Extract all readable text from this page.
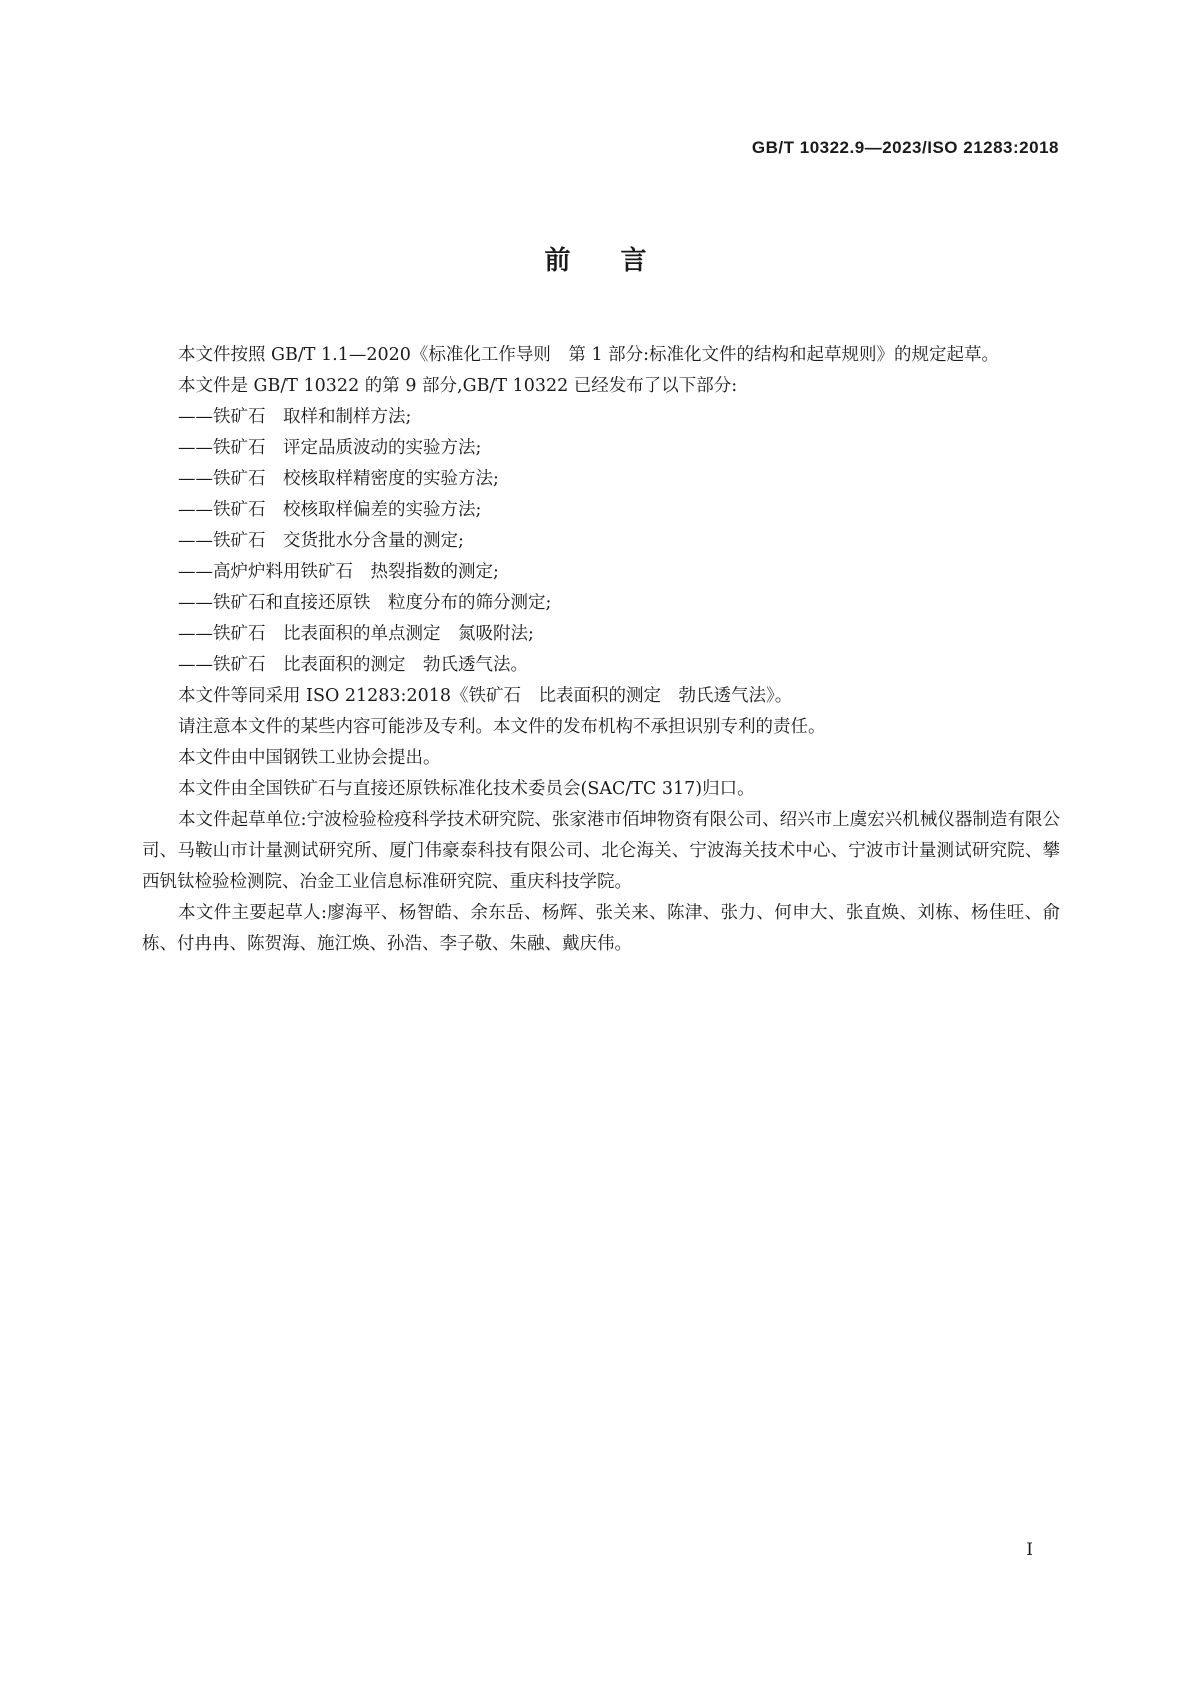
GB/T 10322.9—2023/ISO 21283:2018
前言

本文件按照 GB/T 1.1—2020《标准化工作导则　第 1 部分:标准化文件的结构和起草规则》的规定起草。

本文件是 GB/T 10322 的第 9 部分,GB/T 10322 已经发布了以下部分:

——铁矿石　取样和制样方法;
——铁矿石　评定品质波动的实验方法;
——铁矿石　校核取样精密度的实验方法;
——铁矿石　校核取样偏差的实验方法;
——铁矿石　交货批水分含量的测定;
——高炉炉料用铁矿石　热裂指数的测定;
——铁矿石和直接还原铁　粒度分布的筛分测定;
——铁矿石　比表面积的单点测定　氮吸附法;
——铁矿石　比表面积的测定　勃氏透气法。

本文件等同采用 ISO 21283:2018《铁矿石　比表面积的测定　勃氏透气法》。

请注意本文件的某些内容可能涉及专利。本文件的发布机构不承担识别专利的责任。

本文件由中国钢铁工业协会提出。

本文件由全国铁矿石与直接还原铁标准化技术委员会(SAC/TC 317)归口。

本文件起草单位:宁波检验检疫科学技术研究院、张家港市佰坤物资有限公司、绍兴市上虞宏兴机械仪器制造有限公司、马鞍山市计量测试研究所、厦门伟豪泰科技有限公司、北仑海关、宁波海关技术中心、宁波市计量测试研究院、攀西钒钛检验检测院、冶金工业信息标准研究院、重庆科技学院。

本文件主要起草人:廖海平、杨智皓、余东岳、杨辉、张关来、陈津、张力、何申大、张直焕、刘栋、杨佳旺、俞栋、付冉冉、陈贺海、施江焕、孙浩、李子敬、朱融、戴庆伟。

I
